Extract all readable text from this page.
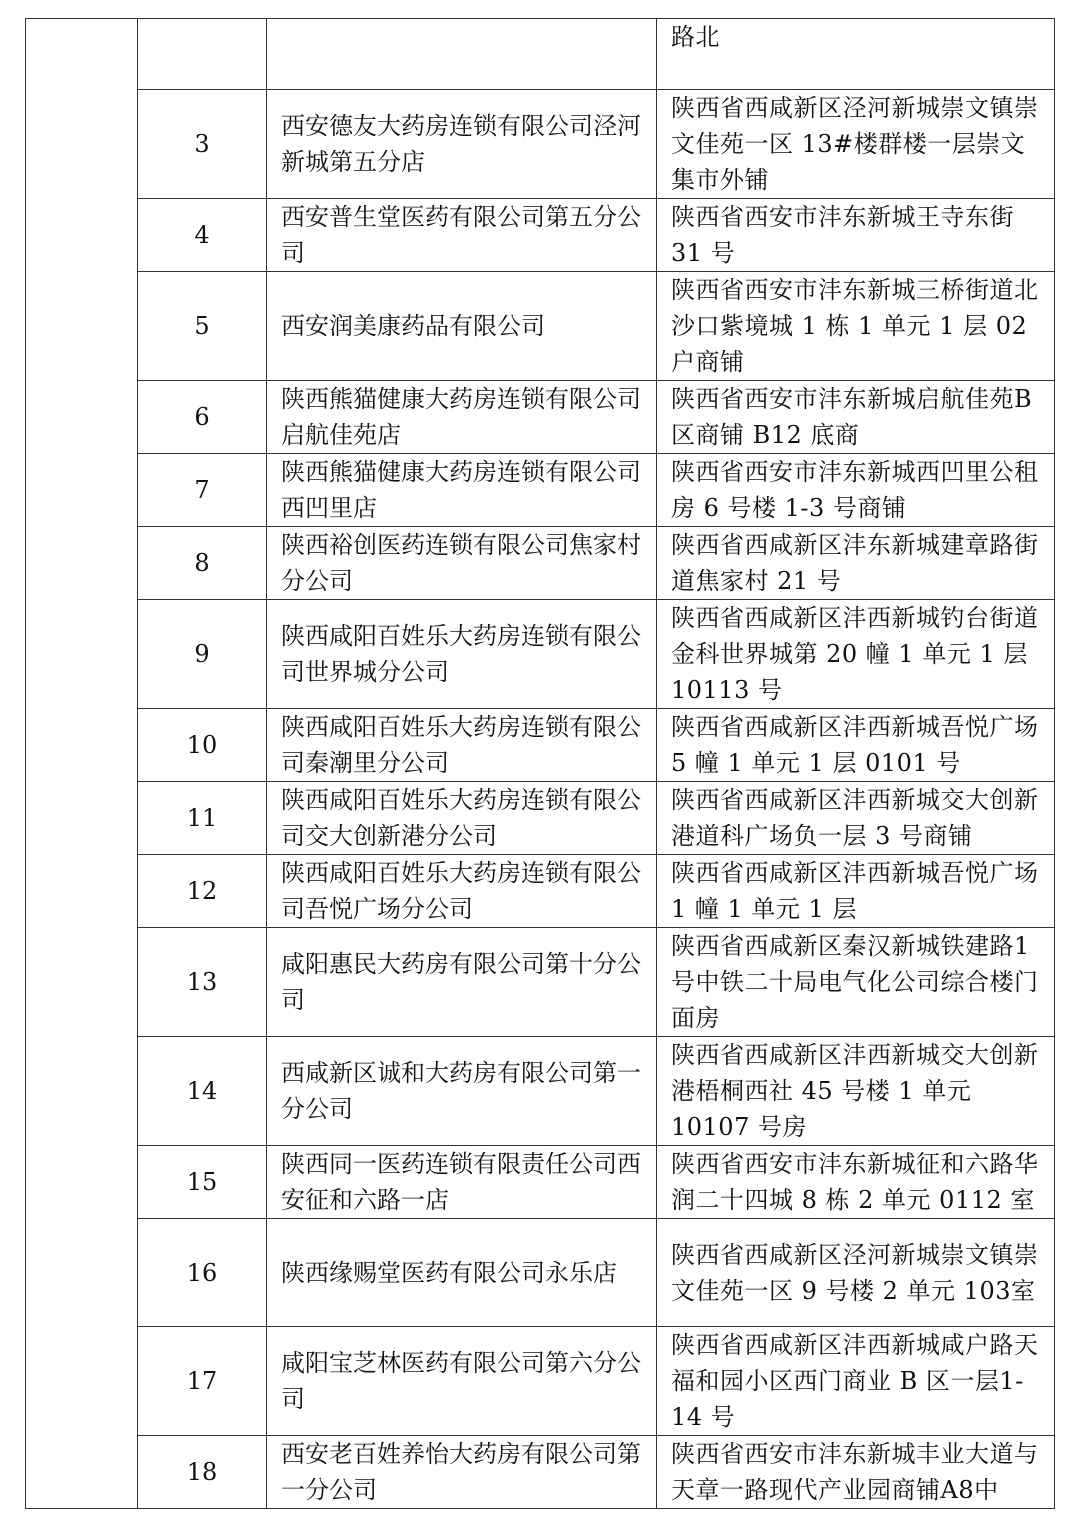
			路北

	3	西安德友大药房连锁有限公司泾河新城第五分店	陕西省西咸新区泾河新城崇文镇崇文佳苑一区 13#楼群楼一层崇文集市外铺

	4	西安普生堂医药有限公司第五分公司	陕西省西安市沣东新城王寺东街 31 号

	5	西安润美康药品有限公司	陕西省西安市沣东新城三桥街道北沙口紫境城 1 栋 1 单元 1 层 02 户商铺

	6	陕西熊猫健康大药房连锁有限公司启航佳苑店	陕西省西安市沣东新城启航佳苑B 区商铺 B12 底商

	7	陕西熊猫健康大药房连锁有限公司西凹里店	陕西省西安市沣东新城西凹里公租房 6 号楼 1-3 号商铺

	8	陕西裕创医药连锁有限公司焦家村分公司	陕西省西咸新区沣东新城建章路街道焦家村 21 号

	9	陕西咸阳百姓乐大药房连锁有限公司世界城分公司	陕西省西咸新区沣西新城钓台街道金科世界城第 20 幢 1 单元 1 层10113 号

	10	陕西咸阳百姓乐大药房连锁有限公司秦潮里分公司	陕西省西咸新区沣西新城吾悦广场 5 幢 1 单元 1 层 0101 号

	11	陕西咸阳百姓乐大药房连锁有限公司交大创新港分公司	陕西省西咸新区沣西新城交大创新港道科广场负一层 3 号商铺

	12	陕西咸阳百姓乐大药房连锁有限公司吾悦广场分公司	陕西省西咸新区沣西新城吾悦广场 1 幢 1 单元 1 层

	13	咸阳惠民大药房有限公司第十分公司	陕西省西咸新区秦汉新城铁建路1 号中铁二十局电气化公司综合楼门面房

	14	西咸新区诚和大药房有限公司第一分公司	陕西省西咸新区沣西新城交大创新港梧桐西社 45 号楼 1 单元10107 号房

	15	陕西同一医药连锁有限责任公司西安征和六路一店	陕西省西安市沣东新城征和六路华润二十四城 8 栋 2 单元 0112 室

	16	陕西缘赐堂医药有限公司永乐店	陕西省西咸新区泾河新城崇文镇崇文佳苑一区 9 号楼 2 单元 103室

	17	咸阳宝芝林医药有限公司第六分公司	陕西省西咸新区沣西新城咸户路天福和园小区西门商业 B 区一层1-14 号

	18	西安老百姓养怡大药房有限公司第一分公司	陕西省西安市沣东新城丰业大道与天章一路现代产业园商铺A8中
